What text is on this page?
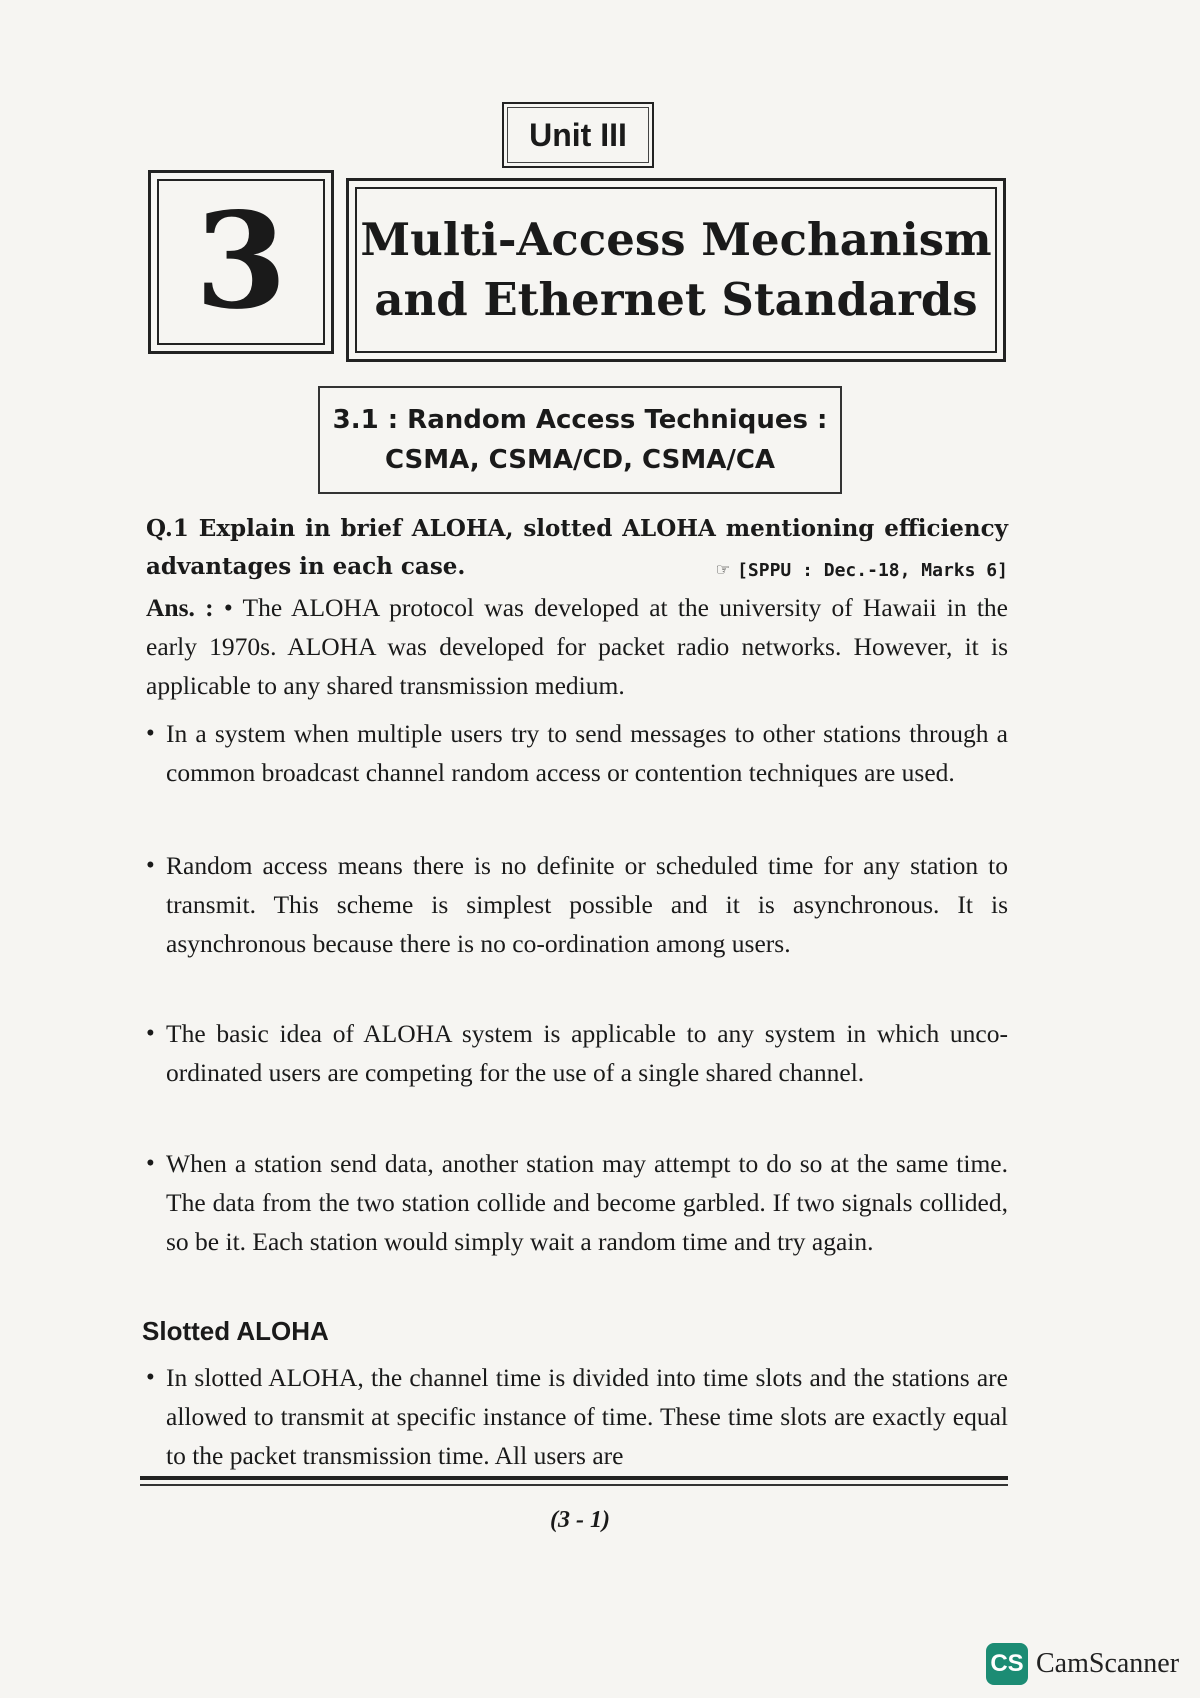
Unit III
3 Multi-Access Mechanism
and Ethernet Standards
3.1 : Random Access Techniques :
CSMA, CSMA/CD, CSMA/CA
Q.1 Explain in brief ALOHA, slotted ALOHA mentioning efficiency advantages in each case.	☞ [SPPU : Dec.-18, Marks 6]
Ans. : • The ALOHA protocol was developed at the university of Hawaii in the early 1970s. ALOHA was developed for packet radio networks. However, it is applicable to any shared transmission medium.
• In a system when multiple users try to send messages to other stations through a common broadcast channel random access or contention techniques are used.
• Random access means there is no definite or scheduled time for any station to transmit. This scheme is simplest possible and it is asynchronous. It is asynchronous because there is no co-ordination among users.
• The basic idea of ALOHA system is applicable to any system in which unco-ordinated users are competing for the use of a single shared channel.
• When a station send data, another station may attempt to do so at the same time. The data from the two station collide and become garbled. If two signals collided, so be it. Each station would simply wait a random time and try again.
Slotted ALOHA
• In slotted ALOHA, the channel time is divided into time slots and the stations are allowed to transmit at specific instance of time. These time slots are exactly equal to the packet transmission time. All users are
(3 - 1)
CS CamScanner
